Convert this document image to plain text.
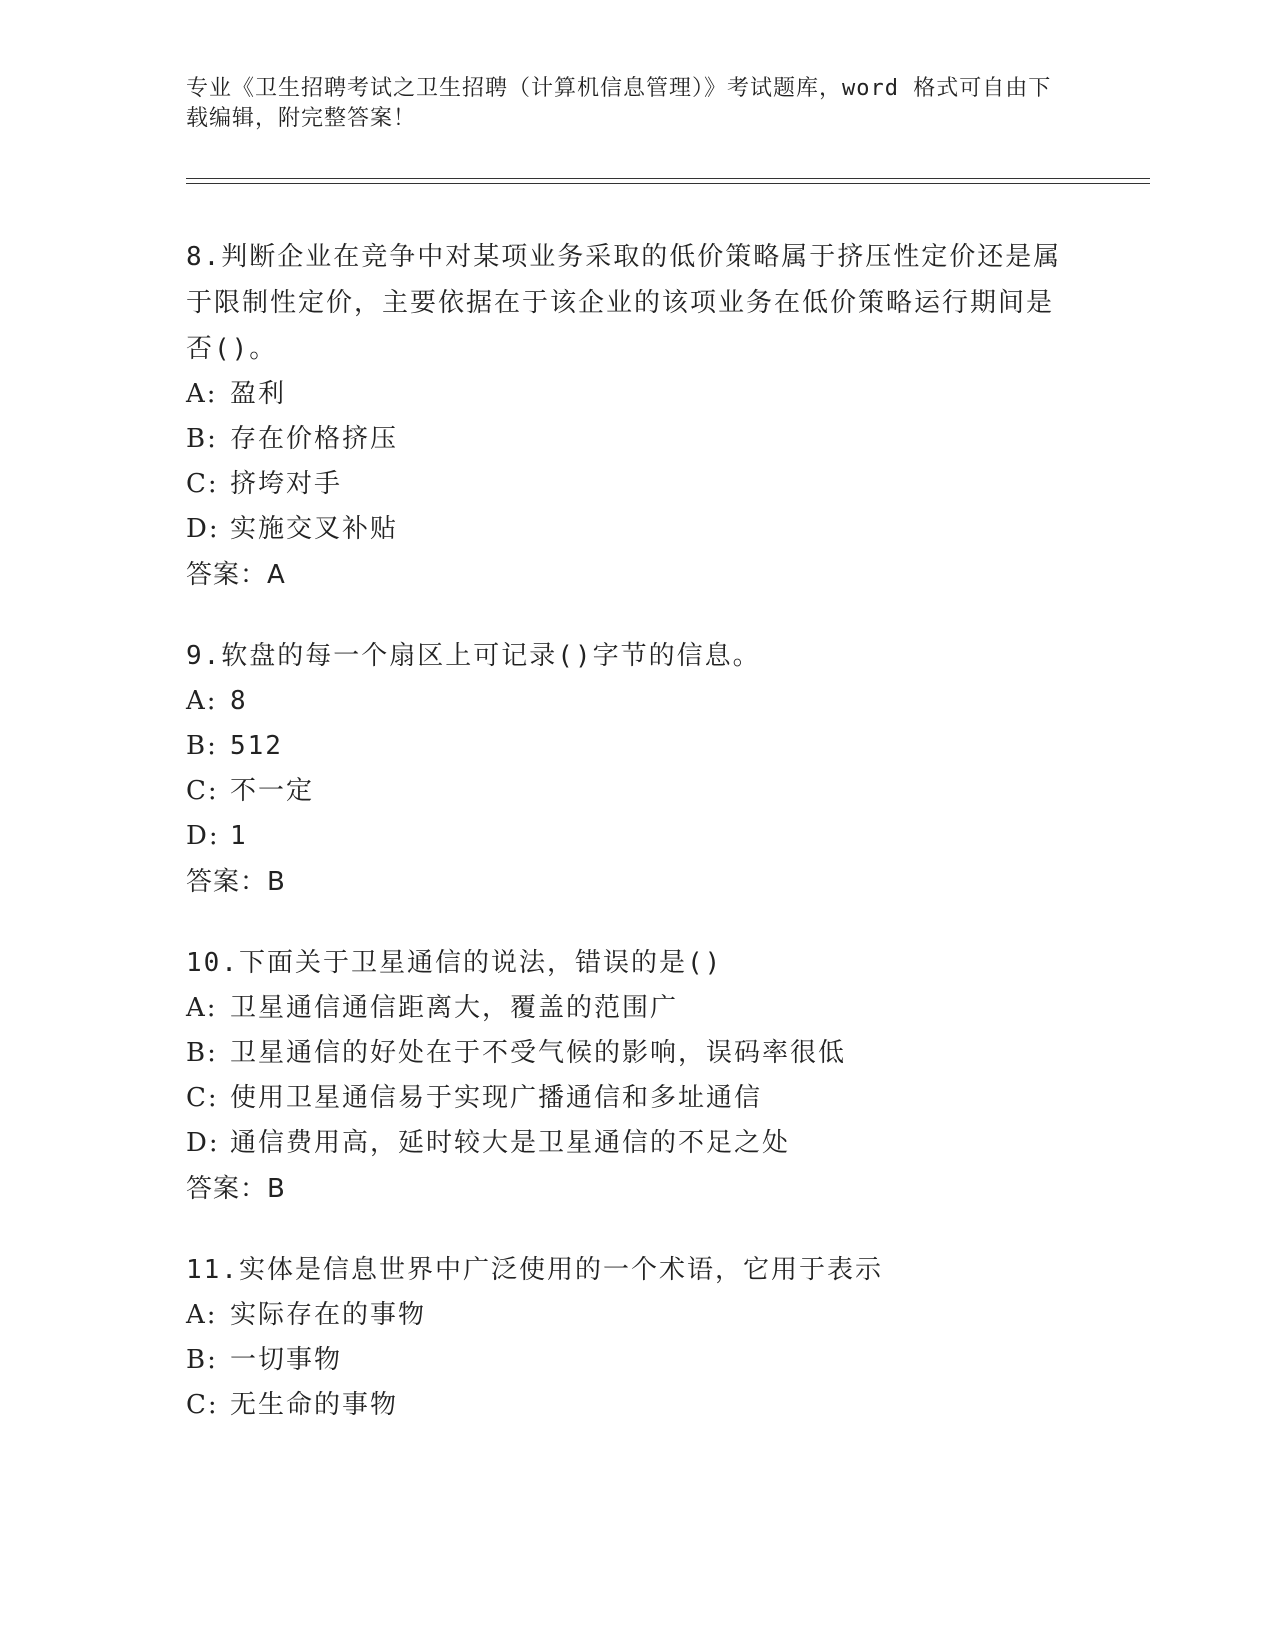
专业《卫生招聘考试之卫生招聘（计算机信息管理）》考试题库，word 格式可自由下载编辑，附完整答案！
8.判断企业在竞争中对某项业务采取的低价策略属于挤压性定价还是属于限制性定价，主要依据在于该企业的该项业务在低价策略运行期间是否()。
A: 盈利
B: 存在价格挤压
C: 挤垮对手
D: 实施交叉补贴
答案：A
9.软盘的每一个扇区上可记录()字节的信息。
A: 8
B: 512
C: 不一定
D: 1
答案：B
10.下面关于卫星通信的说法，错误的是()
A: 卫星通信通信距离大，覆盖的范围广
B: 卫星通信的好处在于不受气候的影响，误码率很低
C: 使用卫星通信易于实现广播通信和多址通信
D: 通信费用高，延时较大是卫星通信的不足之处
答案：B
11.实体是信息世界中广泛使用的一个术语，它用于表示
A: 实际存在的事物
B: 一切事物
C: 无生命的事物
